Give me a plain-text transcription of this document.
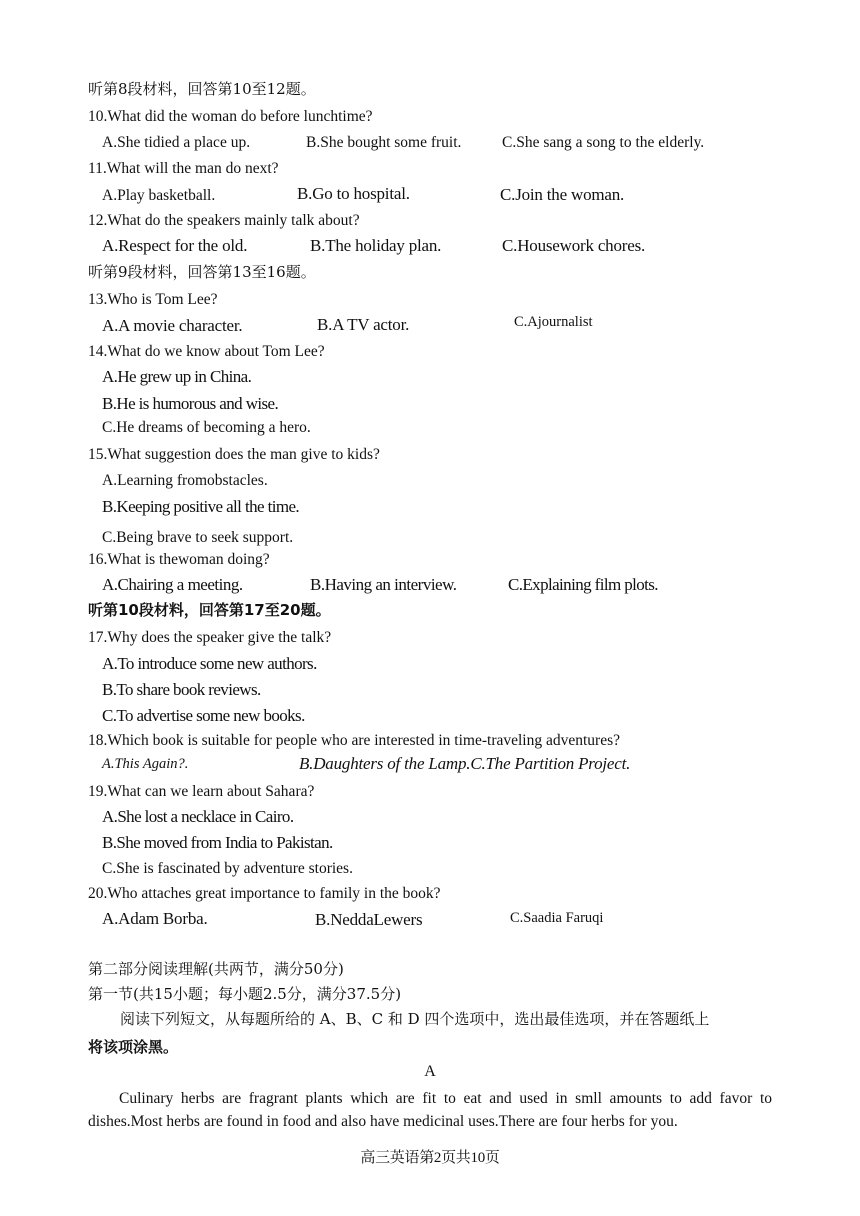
听第8段材料，回答第10至12题。
10.What did the woman do before lunchtime?
A.She tidied a place up.	B.She bought some fruit.	C.She sang a song to the elderly.
11.What will the man do next?
A.Play basketball.	B.Go to hospital.	C.Join the woman.
12.What do the speakers mainly talk about?
A.Respect for the old.	B.The holiday plan.	C.Housework chores.
听第9段材料，回答第13至16题。
13.Who is Tom Lee?
A.A movie character.	B.A TV actor.	C.Ajournalist
14.What do we know about Tom Lee?
A.He grew up in China.
B.He is humorous and wise.
C.He dreams of becoming a hero.
15.What suggestion does the man give to kids?
A.Learning fromobstacles.
B.Keeping positive all the time.
C.Being brave to seek support.
16.What is thewoman doing?
A.Chairing a meeting.	B.Having an interview.	C.Explaining film plots.
听第10段材料，回答第17至20题。
17.Why does the speaker give the talk?
A.To introduce some new authors.
B.To share book reviews.
C.To advertise some new books.
18.Which book is suitable for people who are interested in time-traveling adventures?
A.This Again?.	B.Daughters of the Lamp.C.The Partition Project.
19.What can we learn about Sahara?
A.She lost a necklace in Cairo.
B.She moved from India to Pakistan.
C.She is fascinated by adventure stories.
20.Who attaches great importance to family in the book?
A.Adam Borba.	B.NeddaLewers	C.Saadia Faruqi
第二部分阅读理解(共两节，满分50分)
第一节(共15小题；每小题2.5分，满分37.5分)
阅读下列短文，从每题所给的 A、B、C 和 D 四个选项中，选出最佳选项，并在答题纸上
将该项涂黑。
A
Culinary herbs are fragrant plants which are fit to eat and used in smll amounts to add favor to dishes.Most herbs are found in food and also have medicinal uses.There are four herbs for you.
高三英语第2页共10页
